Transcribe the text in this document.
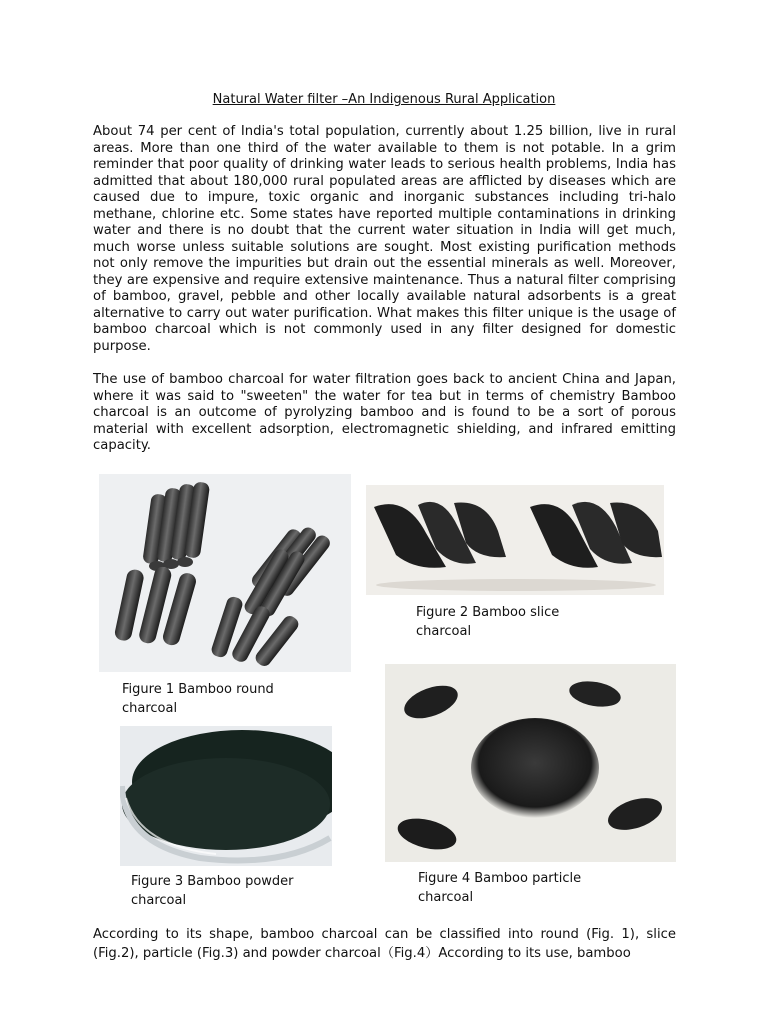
Natural Water filter –An Indigenous Rural Application

About 74 per cent of India's total population, currently about 1.25 billion, live in rural areas. More than one third of the water available to them is not potable. In a grim reminder that poor quality of drinking water leads to serious health problems, India has admitted that about 180,000 rural populated areas are afflicted by diseases which are caused due to impure, toxic organic and inorganic substances including tri-halo methane, chlorine etc. Some states have reported multiple contaminations in drinking water and there is no doubt that the current water situation in India will get much, much worse unless suitable solutions are sought. Most existing purification methods not only remove the impurities but drain out the essential minerals as well. Moreover, they are expensive and require extensive maintenance. Thus a natural filter comprising of bamboo, gravel, pebble and other locally available natural adsorbents is a great alternative to carry out water purification. What makes this filter unique is the usage of bamboo charcoal which is not commonly used in any filter designed for domestic purpose.

The use of bamboo charcoal for water filtration goes back to ancient China and Japan, where it was said to "sweeten" the water for tea but in terms of chemistry Bamboo charcoal is an outcome of pyrolyzing bamboo and is found to be a sort of porous material with excellent adsorption, electromagnetic shielding, and infrared emitting capacity.

Figure 2 Bamboo slice
charcoal
Figure 1 Bamboo round
charcoal
Figure 3 Bamboo powder
charcoal
Figure 4 Bamboo particle
charcoal

According to its shape, bamboo charcoal can be classified into round (Fig. 1), slice (Fig.2), particle (Fig.3) and powder charcoal（Fig.4）According to its use, bamboo
